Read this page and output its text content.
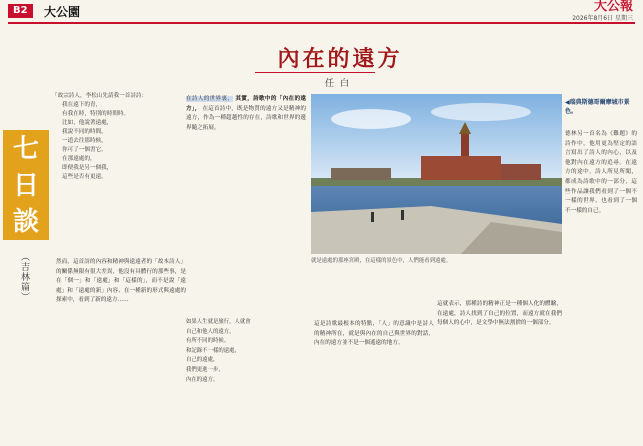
B2	大公園	大公報
2026年8月6日 星期三
七
日
談
（吉林篇）
內在的遠方
任白

「故宗詩人，李松山先請我一首詩詩：

我在遠下的青，

有我在時，特別的時間時。

比如，他說著遠處，

我說不同的時間，

一道去往那時候，

你可了一個書它。

在那遠處的，

即便我是另一個我，

這些是否有更遠。

然而，這首詩的內容和精神與遠遠者的「故本詩人」的關係無限有很大差異，他沒有具體行的那些事，是在「個一」和「遠處」和「這樣的」，而不是說「遠處」和「遠處的新」內容、在一種新的形式與遠處的探索中，看到了新的遠方……
在詩人的世界裏， 其實，詩歌中的「內在的遠方」， 在這首詩中，既是物質的遠方又是精神的遠方，作為一種超越性的存在，詩歌和世界的邊界隨之拓展。
如果人生就是旅行，人就會
自己和他人的遠方，
有所不同的時候。
和記錄不一樣的遠處，
自己的遠處，
我們更進一步，
內在的遠方。
就是遠處的那座宮殿，在這樣的景色中，人們能看到遠處。
這是詩歌最根本的特點，「人」的意識中是詩人的精神所在，就是與內在的自己與世界的對話，內在的遠方並不是一個遙遠的地方。
這就表示，那種詩的精神正是一種個人化的體驗，在遠處，詩人找到了自己的位置，而遠方就在我們每個人的心中，是文學中無法割捨的一個部分。
◀瑞典斯德哥爾摩城市景色。
德林另一首名為《難題》的詩作中，他用更為堅定的語言寫出了詩人的內心，以及他對內在遠方的追尋。在遠方的途中，詩人所見所聞，都成為詩歌中的一部分，這些作品讓我們看到了一個不一樣的世界，也看到了一個不一樣的自己。
